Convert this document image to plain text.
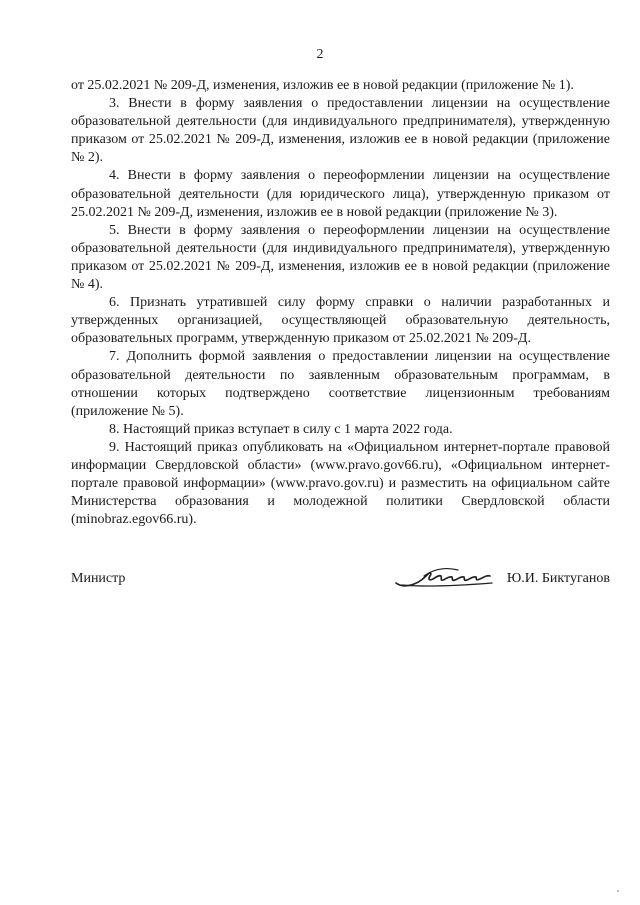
2

от 25.02.2021 № 209-Д, изменения, изложив ее в новой редакции (приложение № 1).

3. Внести в форму заявления о предоставлении лицензии на осуществление образовательной деятельности (для индивидуального предпринимателя), утвержденную приказом от 25.02.2021 № 209-Д, изменения, изложив ее в новой редакции (приложение № 2).

4. Внести в форму заявления о переоформлении лицензии на осуществление образовательной деятельности (для юридического лица), утвержденную приказом от 25.02.2021 № 209-Д, изменения, изложив ее в новой редакции (приложение № 3).

5. Внести в форму заявления о переоформлении лицензии на осуществление образовательной деятельности (для индивидуального предпринимателя), утвержденную приказом от 25.02.2021 № 209-Д, изменения, изложив ее в новой редакции (приложение № 4).

6. Признать утратившей силу форму справки о наличии разработанных и утвержденных организацией, осуществляющей образовательную деятельность, образовательных программ, утвержденную приказом от 25.02.2021 № 209-Д.

7. Дополнить формой заявления о предоставлении лицензии на осуществление образовательной деятельности по заявленным образовательным программам, в отношении которых подтверждено соответствие лицензионным требованиям (приложение № 5).

8. Настоящий приказ вступает в силу с 1 марта 2022 года.

9. Настоящий приказ опубликовать на «Официальном интернет-портале правовой информации Свердловской области» (www.pravo.gov66.ru), «Официальном интернет-портале правовой информации» (www.pravo.gov.ru) и разместить на официальном сайте Министерства образования и молодежной политики Свердловской области (minobraz.egov66.ru).

Министр	Ю.И. Биктуганов
